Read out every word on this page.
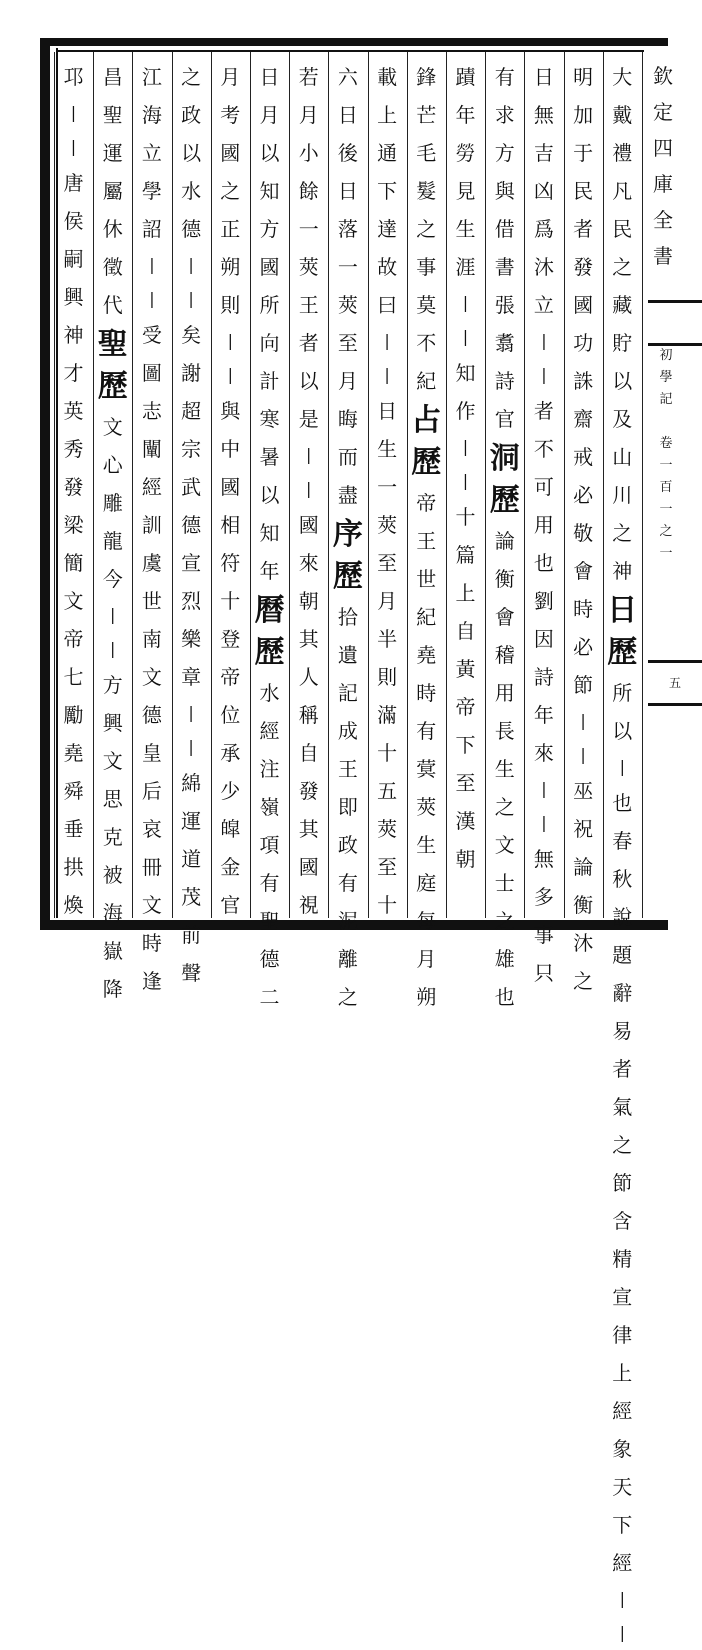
大
戴
禮
凡
民
之
藏
貯
以
及
山
川
之
神
日
歷
所
以
|
也
春
秋
說
題
辭
易
者
氣
之
節
含
精
宣
律
上
經
象
天
下
經
|
|
明
加
于
民
者
發
國
功
誅
齋
戒
必
敬
會
時
必
節
|
|
巫
祝
論
衡
沐
之
日
無
吉
凶
爲
沐
立
|
|
者
不
可
用
也
劉
因
詩
年
來
|
|
無
多
事
只
有
求
方
與
借
書
張
翥
詩
官
洞
歷
論
衡
會
稽
用
長
生
之
文
士
之
雄
也
蹟
年
勞
見
生
涯
|
|
知
作
|
|
十
篇
上
自
黃
帝
下
至
漢
朝
鋒
芒
毛
髮
之
事
莫
不
紀
占
歷
帝
王
世
紀
堯
時
有
蓂
莢
生
庭
每
月
朔
載
上
通
下
達
故
曰
|
|
日
生
一
莢
至
月
半
則
滿
十
五
莢
至
十
六
日
後
日
落
一
莢
至
月
晦
而
盡
序
歷
拾
遺
記
成
王
即
政
有
泥
離
之
若
月
小
餘
一
莢
王
者
以
是
|
|
國
來
朝
其
人
稱
自
發
其
國
視
日
月
以
知
方
國
所
向
計
寒
暑
以
知
年
曆
歷
水
經
注
嶺
項
有
聖
德
二
月
考
國
之
正
朔
則
|
|
與
中
國
相
符
十
登
帝
位
承
少
皡
金
官
之
政
以
水
德
|
|
矣
謝
超
宗
武
德
宣
烈
樂
章
|
|
綿
運
道
茂
前
聲
江
海
立
學
詔
|
|
受
圖
志
闡
經
訓
虞
世
南
文
德
皇
后
哀
冊
文
時
逢
昌
聖
運
屬
休
徵
代
聖
歷
文
心
雕
龍
今
|
|
方
興
文
思
克
被
海
嶽
降
邛
|
|
唐
侯
嗣
興
神
才
英
秀
發
梁
簡
文
帝
七
勵
堯
舜
垂
拱
煥
欽
定
四
庫
全
書
初
學
記
卷
一
百
一
之
一
五
